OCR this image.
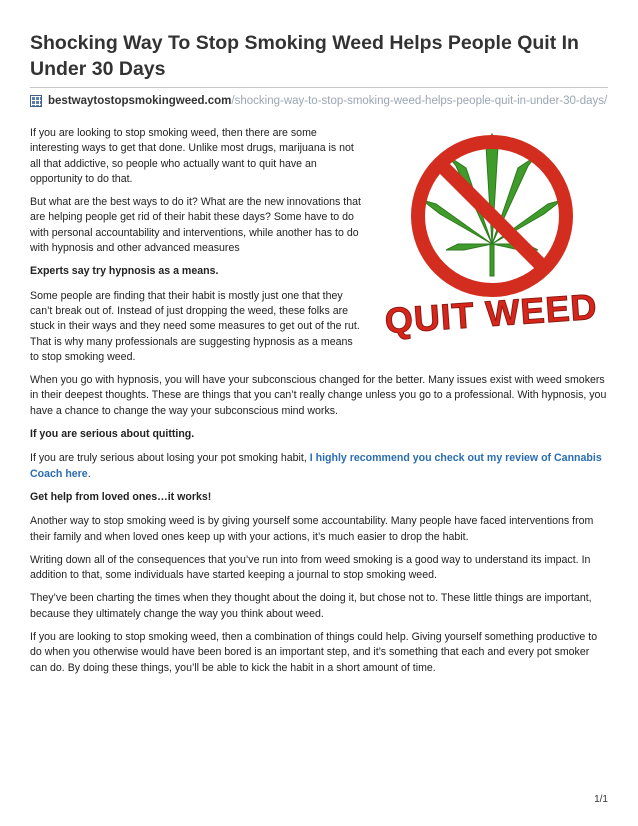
Shocking Way To Stop Smoking Weed Helps People Quit In Under 30 Days
bestwaytostopsmokingweed.com /shocking-way-to-stop-smoking-weed-helps-people-quit-in-under-30-days/
QUIT WEED

If you are looking to stop smoking weed, then there are some interesting ways to get that done. Unlike most drugs, marijuana is not all that addictive, so people who actually want to quit have an opportunity to do that.

But what are the best ways to do it? What are the new innovations that are helping people get rid of their habit these days? Some have to do with personal accountability and interventions, while another has to do with hypnosis and other advanced measures

Experts say try hypnosis as a means.

Some people are finding that their habit is mostly just one that they can’t break out of. Instead of just dropping the weed, these folks are stuck in their ways and they need some measures to get out of the rut. That is why many professionals are suggesting hypnosis as a means to stop smoking weed.

When you go with hypnosis, you will have your subconscious changed for the better. Many issues exist with weed smokers in their deepest thoughts. These are things that you can’t really change unless you go to a professional. With hypnosis, you have a chance to change the way your subconscious mind works.

If you are serious about quitting.

If you are truly serious about losing your pot smoking habit, I highly recommend you check out my review of Cannabis Coach here.

Get help from loved ones…it works!

Another way to stop smoking weed is by giving yourself some accountability. Many people have faced interventions from their family and when loved ones keep up with your actions, it’s much easier to drop the habit.

Writing down all of the consequences that you’ve run into from weed smoking is a good way to understand its impact. In addition to that, some individuals have started keeping a journal to stop smoking weed.

They’ve been charting the times when they thought about the doing it, but chose not to. These little things are important, because they ultimately change the way you think about weed.

If you are looking to stop smoking weed, then a combination of things could help. Giving yourself something productive to do when you otherwise would have been bored is an important step, and it’s something that each and every pot smoker can do. By doing these things, you’ll be able to kick the habit in a short amount of time.

1/1
